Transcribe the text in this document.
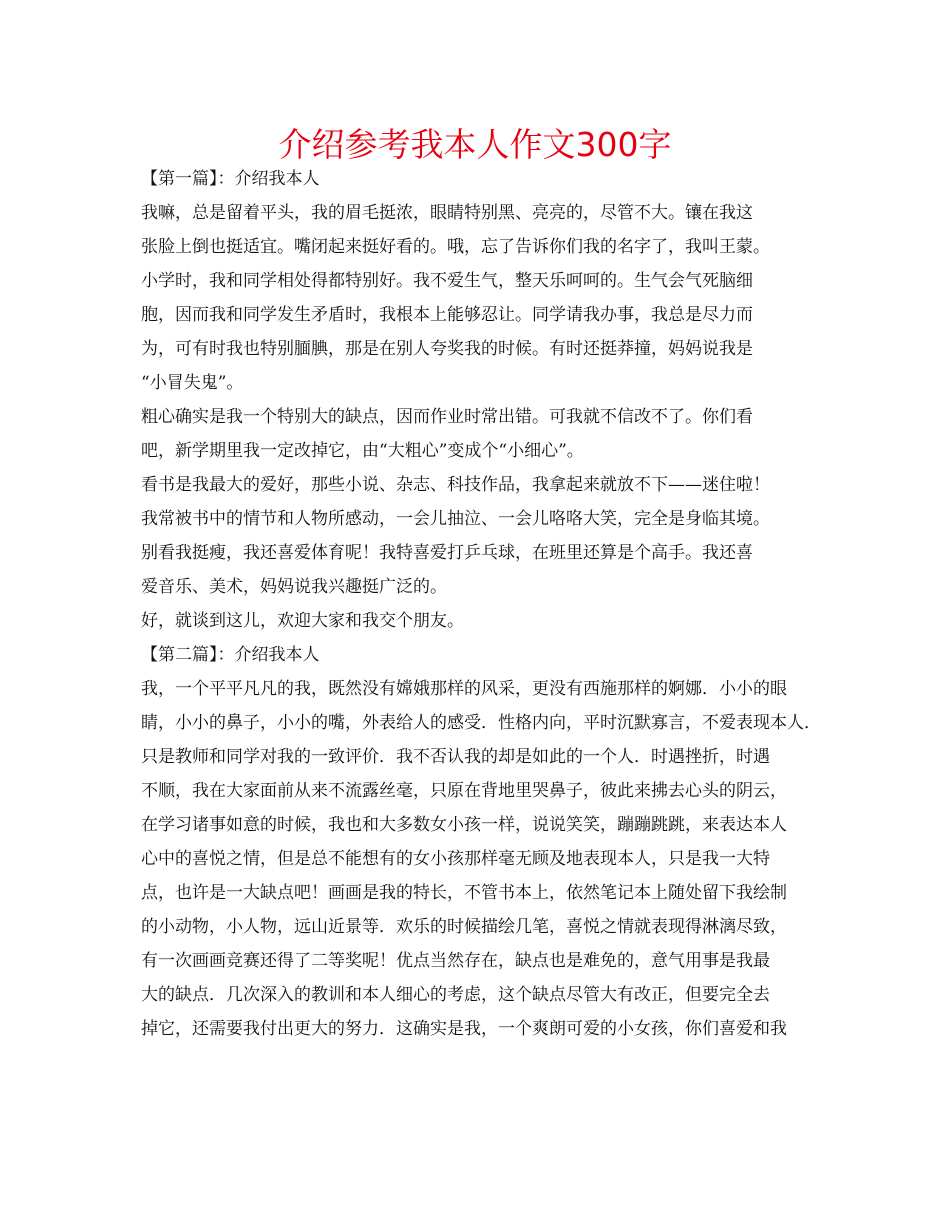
介绍参考我本人作文300字
【第一篇】：介绍我本人
我嘛，总是留着平头，我的眉毛挺浓，眼睛特别黑、亮亮的，尽管不大。镶在我这
张脸上倒也挺适宜。嘴闭起来挺好看的。哦，忘了告诉你们我的名字了，我叫王蒙。
小学时，我和同学相处得都特别好。我不爱生气，整天乐呵呵的。生气会气死脑细
胞，因而我和同学发生矛盾时，我根本上能够忍让。同学请我办事，我总是尽力而
为，可有时我也特别腼腆，那是在别人夸奖我的时候。有时还挺莽撞，妈妈说我是
“小冒失鬼”。
粗心确实是我一个特别大的缺点，因而作业时常出错。可我就不信改不了。你们看
吧，新学期里我一定改掉它，由“大粗心”变成个“小细心”。
看书是我最大的爱好，那些小说、杂志、科技作品，我拿起来就放不下——迷住啦！
我常被书中的情节和人物所感动，一会儿抽泣、一会儿咯咯大笑，完全是身临其境。
别看我挺瘦，我还喜爱体育呢！我特喜爱打乒乓球，在班里还算是个高手。我还喜
爱音乐、美术，妈妈说我兴趣挺广泛的。
好，就谈到这儿，欢迎大家和我交个朋友。
【第二篇】：介绍我本人
我，一个平平凡凡的我，既然没有嫦娥那样的风采，更没有西施那样的婀娜．小小的眼
睛，小小的鼻子，小小的嘴，外表给人的感受．性格内向，平时沉默寡言，不爱表现本人．
只是教师和同学对我的一致评价．我不否认我的却是如此的一个人．时遇挫折，时遇
不顺，我在大家面前从来不流露丝毫，只原在背地里哭鼻子，彼此来拂去心头的阴云，
在学习诸事如意的时候，我也和大多数女小孩一样，说说笑笑，蹦蹦跳跳，来表达本人
心中的喜悦之情，但是总不能想有的女小孩那样毫无顾及地表现本人，只是我一大特
点，也许是一大缺点吧！画画是我的特长，不管书本上，依然笔记本上随处留下我绘制
的小动物，小人物，远山近景等．欢乐的时候描绘几笔，喜悦之情就表现得淋漓尽致，
有一次画画竞赛还得了二等奖呢！优点当然存在，缺点也是难免的，意气用事是我最
大的缺点．几次深入的教训和本人细心的考虑，这个缺点尽管大有改正，但要完全去
掉它，还需要我付出更大的努力．这确实是我，一个爽朗可爱的小女孩，你们喜爱和我
